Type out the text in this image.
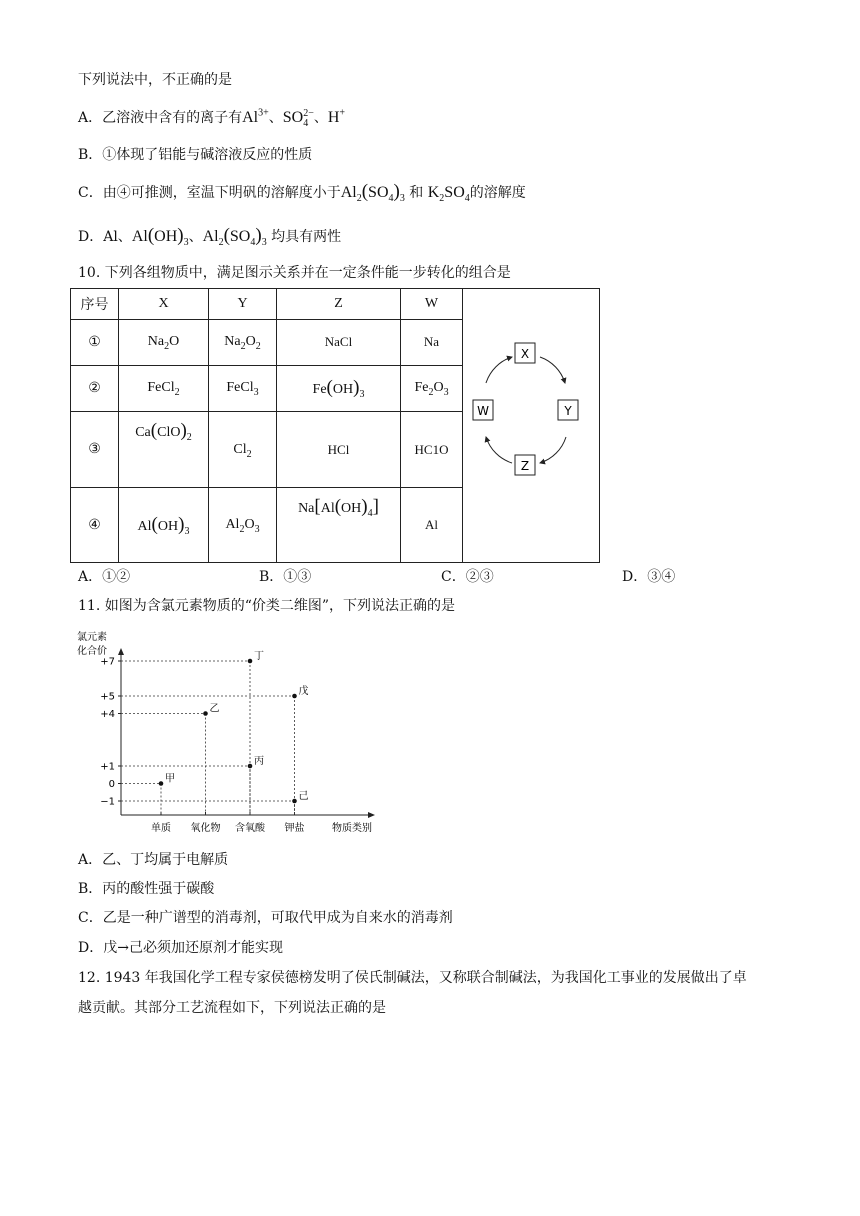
下列说法中，不正确的是
A．乙溶液中含有的离子有$Al^{3+}$、$SO_4^{2-}$、H+
B．①体现了铝能与碱溶液反应的性质
C．由④可推测，室温下明矾的溶解度小于$Al_2(SO_4)_3$ 和 $K_2SO_4$的溶解度
D．Al、$Al(OH)_3$、$Al_2(SO_4)_3$ 均具有两性
10. 下列各组物质中，满足图示关系并在一定条件能一步转化的组合是
序号	X	Y	Z	W	X
Y
Z
W

①	$Na_2O$	$Na_2O_2$	NaCl	Na	
②	FeCl$_2$	FeCl$_3$	$Fe(OH)_3$	$Fe_2O_3$
③	$Ca(ClO)_2$	$Cl_2$	HCl	HC1O	
④	$Al(OH)_3$	$Al_2O_3$	$Na[Al(OH)_4]$	Al	
A．①②	B．①③	C．②③	D．③④
11. 如图为含氯元素物质的“价类二维图”，下列说法正确的是
氯元素
化合价
物质类别
+7
+5
+4
+1
0
−1
单质 氧化物 含氧酸 钾盐
甲
乙
丙
丁
戊
己
A．乙、丁均属于电解质
B．丙的酸性强于碳酸
C．乙是一种广谱型的消毒剂，可取代甲成为自来水的消毒剂
D．戊→己必须加还原剂才能实现
12. 1943 年我国化学工程专家侯德榜发明了侯氏制碱法，又称联合制碱法，为我国化工事业的发展做出了卓
越贡献。其部分工艺流程如下，下列说法正确的是
